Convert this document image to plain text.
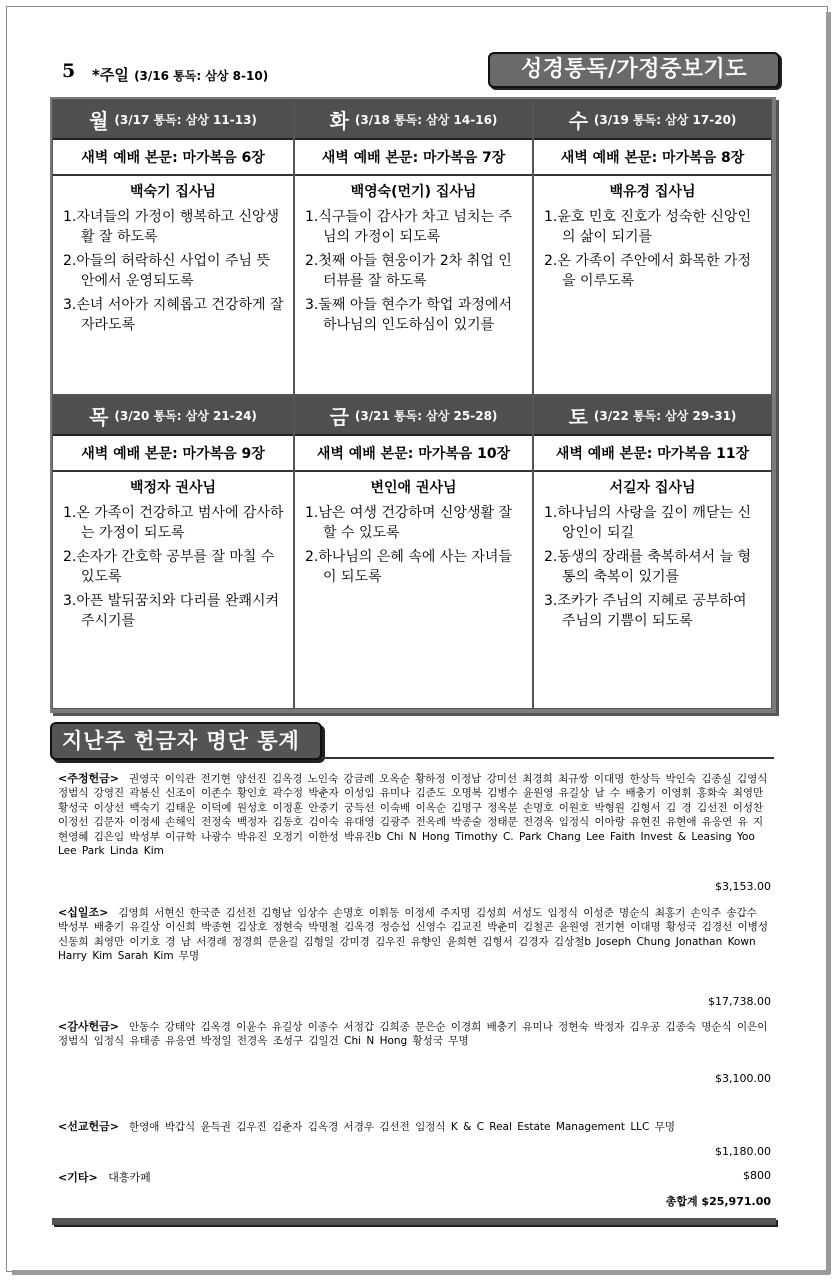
5 *주일 (3/16 통독: 삼상 8-10)	성경통독/가정중보기도
월 (3/17 통독: 삼상 11-13)
새벽 예배 본문: 마가복음 6장
백숙기 집사님
1.자녀들의 가정이 행복하고 신앙생활 잘 하도록
2.아들의 허락하신 사업이 주님 뜻 안에서 운영되도록
3.손녀 서아가 지혜롭고 건강하게 잘 자라도록
화 (3/18 통독: 삼상 14-16)
새벽 예배 본문: 마가복음 7장
백영숙(먼기) 집사님
1.식구들이 감사가 차고 넘치는 주님의 가정이 되도록
2.첫째 아들 현웅이가 2차 취업 인터뷰를 잘 하도록
3.둘째 아들 현수가 학업 과정에서 하나님의 인도하심이 있기를
수 (3/19 통독: 삼상 17-20)
새벽 예배 본문: 마가복음 8장
백유경 집사님
1.윤호 민호 진호가 성숙한 신앙인의 삶이 되기를
2.온 가족이 주안에서 화목한 가정을 이루도록
목 (3/20 통독: 삼상 21-24)
새벽 예배 본문: 마가복음 9장
백정자 권사님
1.온 가족이 건강하고 범사에 감사하는 가정이 되도록
2.손자가 간호학 공부를 잘 마칠 수 있도록
3.아픈 발뒤꿈치와 다리를 완쾌시켜 주시기를
금 (3/21 통독: 삼상 25-28)
새벽 예배 본문: 마가복음 10장
변인애 권사님
1.남은 여생 건강하며 신앙생활 잘 할 수 있도록
2.하나님의 은혜 속에 사는 자녀들이 되도록
토 (3/22 통독: 삼상 29-31)
새벽 예배 본문: 마가복음 11장
서길자 집사님
1.하나님의 사랑을 깊이 깨닫는 신앙인이 되길
2.동생의 장래를 축복하셔서 늘 형통의 축복이 있기를
3.조카가 주님의 지혜로 공부하여 주님의 기쁨이 되도록
지난주 헌금자 명단 통계
<주정헌금> 권영국 이익관 전기현 양선진 김옥경 노인숙 강금례 오옥순 황하정 이정남 강미선 최경희 최규쌍 이대명 한상득 박인숙 김종실 김영식 정범식 강영진 곽봉신 신조이 이존수 황인호 곽수정 박춘자 이성임 유미나 김준도 오명복 김병수 윤원영 유길상 남 수 배충기 이영휘 홍화숙 최영만 황성국 이상선 백숙기 김태운 이덕예 원성호 이정훈 안중기 궁득선 이숙배 이옥순 김명구 정옥분 손명호 이원호 박형원 김형서 김 경 김선전 이성찬 이정선 김문자 이정세 손해익 전정숙 백정자 김동호 김이숙 유대영 김광주 전옥례 박종술 정태문 전경옥 임정식 이아랑 유현진 유현애 유응연 유 지 현영혜 김은임 박성부 이규학 나광수 박유진 오정기 이한성 박유진b Chi N Hong Timothy C. Park Chang Lee Faith Invest & Leasing Yoo Lee Park Linda Kim
$3,153.00
<십일조> 김영희 서현신 한국준 김선전 김형남 임상수 손명호 이휘동 이정세 주지명 김성희 서성도 임정식 이성준 명순식 최홍기 손익주 송갑수 박성부 배충기 유길상 이신희 박종현 김상호 정현숙 박명철 김옥경 정승섭 신영수 김교진 박춘미 김철곤 윤원영 전기현 이대명 황성국 김경선 이병성 신동희 최영만 이기호 경 남 서경래 정경희 문윤길 김형일 강미경 김우진 유향인 윤희현 김형서 김경자 김상철b Joseph Chung Jonathan Kown Harry Kim Sarah Kim 무명
$17,738.00
<감사헌금> 안동수 강태악 김옥경 이윤수 유길상 이종수 서정갑 김희종 문은순 이경희 배충기 유미나 정현숙 박정자 김우공 김종숙 명순식 이은이 정범식 임정식 유태종 유응연 박정일 전경옥 조성구 김일건 Chi N Hong 황성국 무명
$3,100.00
<선교헌금> 한영애 박갑식 윤득권 김우진 김춘자 김옥경 서경우 김선전 임정식 K & C Real Estate Management LLC 무명
$1,180.00
<기타> 대흥카페	$800
총합계 $25,971.00
